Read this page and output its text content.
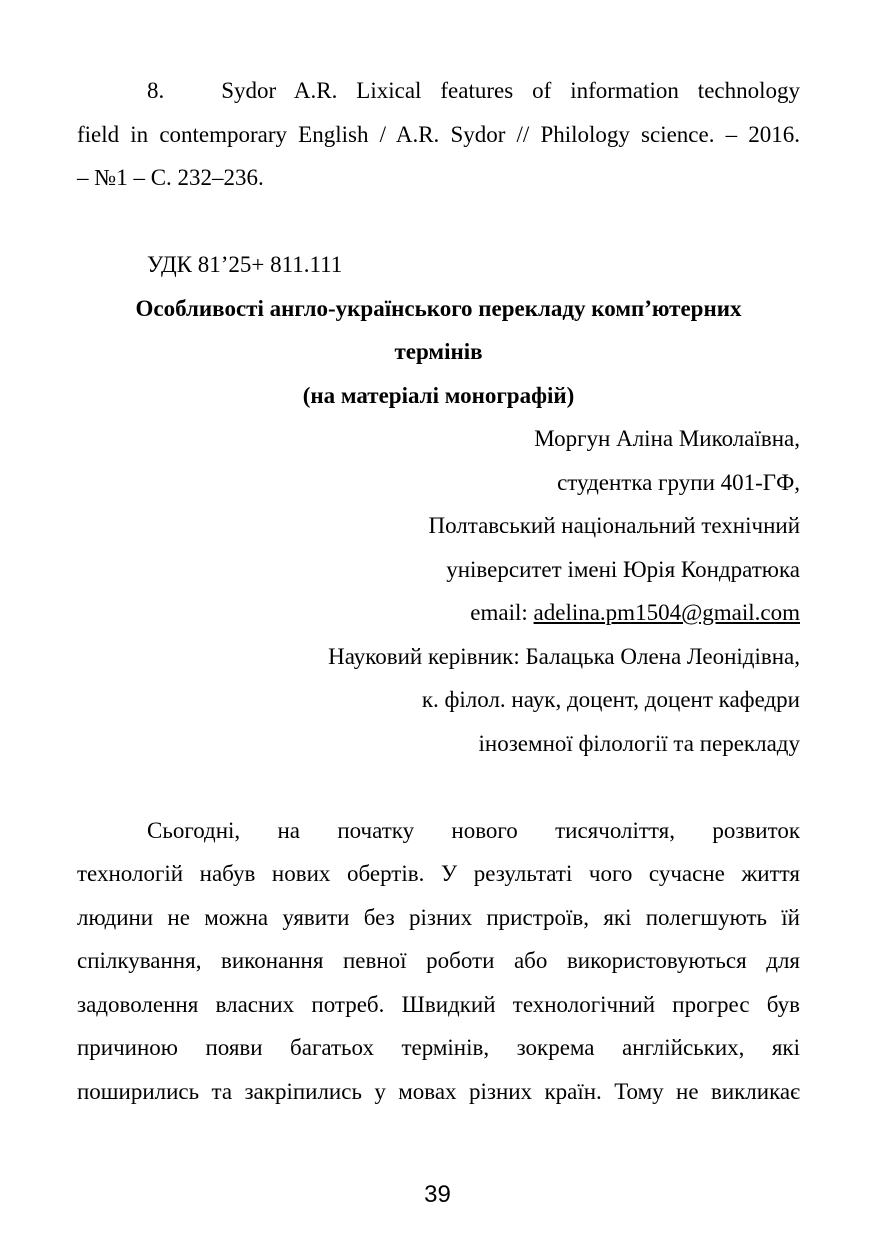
8. Sydor A.R. Lixical features of information technology

field in contemporary English / A.R. Sydor // Philology science. – 2016.

– №1 – С. 232–236.

УДК 81’25+ 811.111

Особливості англо-українського перекладу комп’ютерних
термінів
(на матеріалі монографій)

Моргун Аліна Миколаївна,

студентка групи 401-ГФ,

Полтавський національний технічний

університет імені Юрія Кондратюка

email: adelina.pm1504@gmail.com

Науковий керівник: Балацька Олена Леонідівна,

к. філол. наук, доцент, доцент кафедри

іноземної філології та перекладу

Сьогодні, на початку нового тисячоліття, розвиток

технологій набув нових обертів. У результаті чого сучасне життя

людини не можна уявити без різних пристроїв, які полегшують їй

спілкування, виконання певної роботи або використовуються для

задоволення власних потреб. Швидкий технологічний прогрес був

причиною появи багатьох термінів, зокрема англійських, які

поширились та закріпились у мовах різних країн. Тому не викликає

39
